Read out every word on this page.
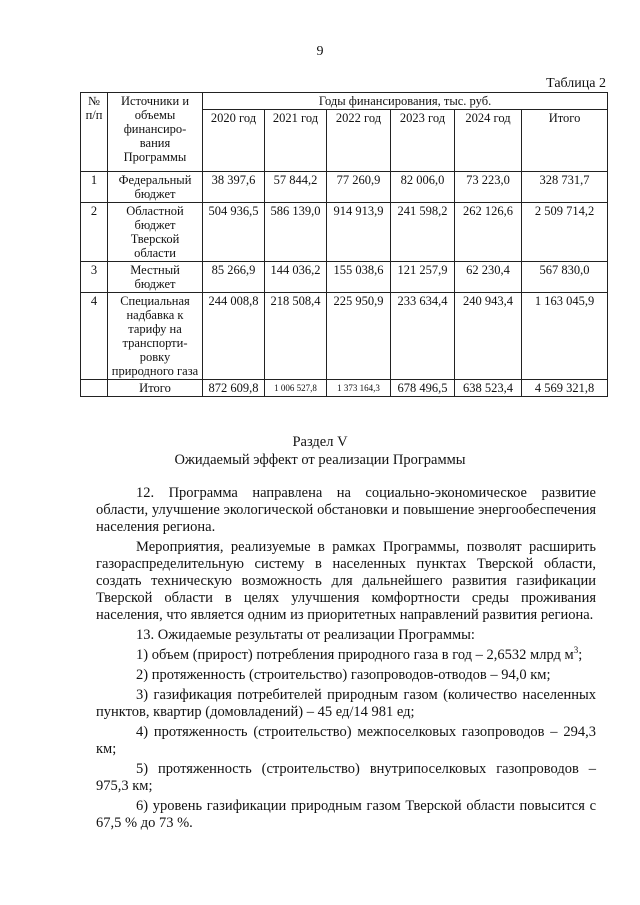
9
Таблица 2
№ п/п	Источники и объемы финансиро-вания Программы	Годы финансирования, тыс. руб.					
		2020 год	2021 год	2022 год	2023 год	2024 год	Итого
1	Федеральный бюджет	38 397,6	57 844,2	77 260,9	82 006,0	73 223,0	328 731,7
2	Областной бюджет Тверской области	504 936,5	586 139,0	914 913,9	241 598,2	262 126,6	2 509 714,2
3	Местный бюджет	85 266,9	144 036,2	155 038,6	121 257,9	62 230,4	567 830,0
4	Специальная надбавка к тарифу на транспорти-ровку природного газа	244 008,8	218 508,4	225 950,9	233 634,4	240 943,4	1 163 045,9
	Итого	872 609,8	1 006 527,8	1 373 164,3	678 496,5	638 523,4	4 569 321,8
Раздел V
Ожидаемый эффект от реализации Программы

12. Программа направлена на социально-экономическое развитие области, улучшение экологической обстановки и повышение энергообеспечения населения региона.

Мероприятия, реализуемые в рамках Программы, позволят расширить газораспределительную систему в населенных пунктах Тверской области, создать техническую возможность для дальнейшего развития газификации Тверской области в целях улучшения комфортности среды проживания населения, что является одним из приоритетных направлений развития региона.

13. Ожидаемые результаты от реализации Программы:

1) объем (прирост) потребления природного газа в год – 2,6532 млрд $м^3$;

2) протяженность (строительство) газопроводов-отводов – 94,0 км;

3) газификация потребителей природным газом (количество населенных пунктов, квартир (домовладений) – 45 ед/14 981 ед;

4) протяженность (строительство) межпоселковых газопроводов – 294,3 км;

5) протяженность (строительство) внутрипоселковых газопроводов – 975,3 км;

6) уровень газификации природным газом Тверской области повысится с 67,5 % до 73 %.
